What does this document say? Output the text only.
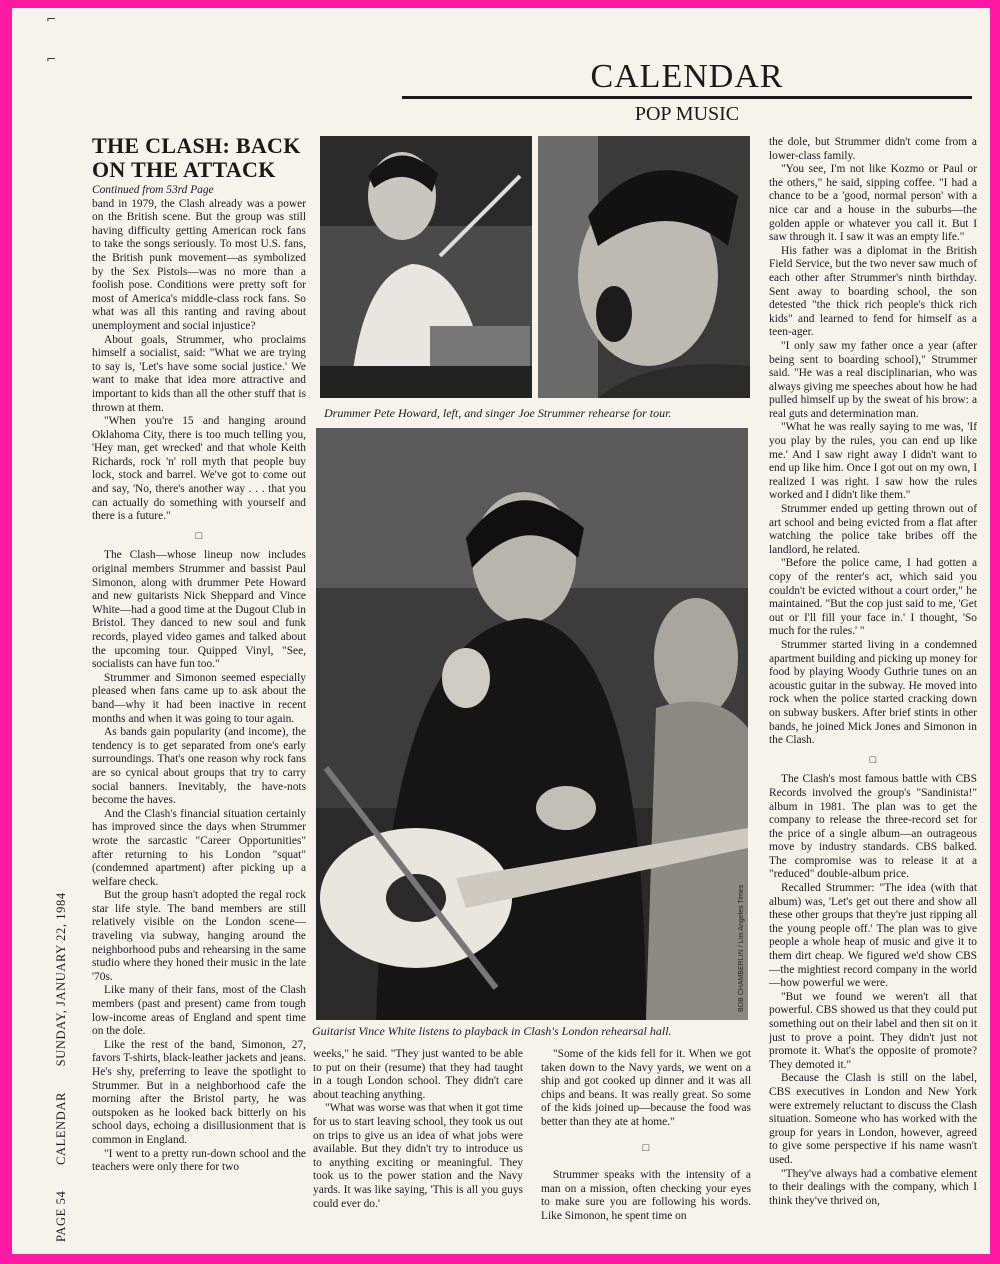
⌐
⌐	CALENDAR
POP MUSIC
THE CLASH: BACK ON THE ATTACK

Continued from 53rd Page

band in 1979, the Clash already was a power on the British scene. But the group was still having difficulty getting American rock fans to take the songs seriously. To most U.S. fans, the British punk movement—as symbolized by the Sex Pistols—was no more than a foolish pose. Conditions were pretty soft for most of America's middle-class rock fans. So what was all this ranting and raving about unemployment and social injustice?

About goals, Strummer, who proclaims himself a socialist, said: "What we are trying to say is, 'Let's have some social justice.' We want to make that idea more attractive and important to kids than all the other stuff that is thrown at them.

"When you're 15 and hanging around Oklahoma City, there is too much telling you, 'Hey man, get wrecked' and that whole Keith Richards, rock 'n' roll myth that people buy lock, stock and barrel. We've got to come out and say, 'No, there's another way . . . that you can actually do something with yourself and there is a future."

□

The Clash—whose lineup now includes original members Strummer and bassist Paul Simonon, along with drummer Pete Howard and new guitarists Nick Sheppard and Vince White—had a good time at the Dugout Club in Bristol. They danced to new soul and funk records, played video games and talked about the upcoming tour. Quipped Vinyl, "See, socialists can have fun too."

Strummer and Simonon seemed especially pleased when fans came up to ask about the band—why it had been inactive in recent months and when it was going to tour again.

As bands gain popularity (and income), the tendency is to get separated from one's early surroundings. That's one reason why rock fans are so cynical about groups that try to carry social banners. Inevitably, the have-nots become the haves.

And the Clash's financial situation certainly has improved since the days when Strummer wrote the sarcastic "Career Opportunities" after returning to his London "squat" (condemned apartment) after picking up a welfare check.

But the group hasn't adopted the regal rock star life style. The band members are still relatively visible on the London scene—traveling via subway, hanging around the neighborhood pubs and rehearsing in the same studio where they honed their music in the late '70s.

Like many of their fans, most of the Clash members (past and present) came from tough low-income areas of England and spent time on the dole.

Like the rest of the band, Simonon, 27, favors T-shirts, black-leather jackets and jeans. He's shy, preferring to leave the spotlight to Strummer. But in a neighborhood cafe the morning after the Bristol party, he was outspoken as he looked back bitterly on his school days, echoing a disillusionment that is common in England.

"I went to a pretty run-down school and the teachers were only there for two

Drummer Pete Howard, left, and singer Joe Strummer rehearse for tour.
BOB CHAMBERLIN / Los Angeles Times
Guitarist Vince White listens to playback in Clash's London rehearsal hall.

weeks," he said. "They just wanted to be able to put on their (resume) that they had taught in a tough London school. They didn't care about teaching anything.

"What was worse was that when it got time for us to start leaving school, they took us out on trips to give us an idea of what jobs were available. But they didn't try to introduce us to anything exciting or meaningful. They took us to the power station and the Navy yards. It was like saying, 'This is all you guys could ever do.'

"Some of the kids fell for it. When we got taken down to the Navy yards, we went on a ship and got cooked up dinner and it was all chips and beans. It was really great. So some of the kids joined up—because the food was better than they ate at home."

□

Strummer speaks with the intensity of a man on a mission, often checking your eyes to make sure you are following his words. Like Simonon, he spent time on

the dole, but Strummer didn't come from a lower-class family.

"You see, I'm not like Kozmo or Paul or the others," he said, sipping coffee. "I had a chance to be a 'good, normal person' with a nice car and a house in the suburbs—the golden apple or whatever you call it. But I saw through it. I saw it was an empty life."

His father was a diplomat in the British Field Service, but the two never saw much of each other after Strummer's ninth birthday. Sent away to boarding school, the son detested "the thick rich people's thick rich kids" and learned to fend for himself as a teen-ager.

"I only saw my father once a year (after being sent to boarding school)," Strummer said. "He was a real disciplinarian, who was always giving me speeches about how he had pulled himself up by the sweat of his brow: a real guts and determination man.

"What he was really saying to me was, 'If you play by the rules, you can end up like me.' And I saw right away I didn't want to end up like him. Once I got out on my own, I realized I was right. I saw how the rules worked and I didn't like them."

Strummer ended up getting thrown out of art school and being evicted from a flat after watching the police take bribes off the landlord, he related.

"Before the police came, I had gotten a copy of the renter's act, which said you couldn't be evicted without a court order," he maintained. "But the cop just said to me, 'Get out or I'll fill your face in.' I thought, 'So much for the rules.' "

Strummer started living in a condemned apartment building and picking up money for food by playing Woody Guthrie tunes on an acoustic guitar in the subway. He moved into rock when the police started cracking down on subway buskers. After brief stints in other bands, he joined Mick Jones and Simonon in the Clash.

□

The Clash's most famous battle with CBS Records involved the group's "Sandinista!" album in 1981. The plan was to get the company to release the three-record set for the price of a single album—an outrageous move by industry standards. CBS balked. The compromise was to release it at a "reduced" double-album price.

Recalled Strummer: "The idea (with that album) was, 'Let's get out there and show all these other groups that they're just ripping all the young people off.' The plan was to give people a whole heap of music and give it to them dirt cheap. We figured we'd show CBS—the mightiest record company in the world—how powerful we were.

"But we found we weren't all that powerful. CBS showed us that they could put something out on their label and then sit on it just to prove a point. They didn't just not promote it. What's the opposite of promote? They demoted it."

Because the Clash is still on the label, CBS executives in London and New York were extremely reluctant to discuss the Clash situation. Someone who has worked with the group for years in London, however, agreed to give some perspective if his name wasn't used.

"They've always had a combative element to their dealings with the company, which I think they've thrived on,

PAGE 54 CALENDAR SUNDAY, JANUARY 22, 1984
